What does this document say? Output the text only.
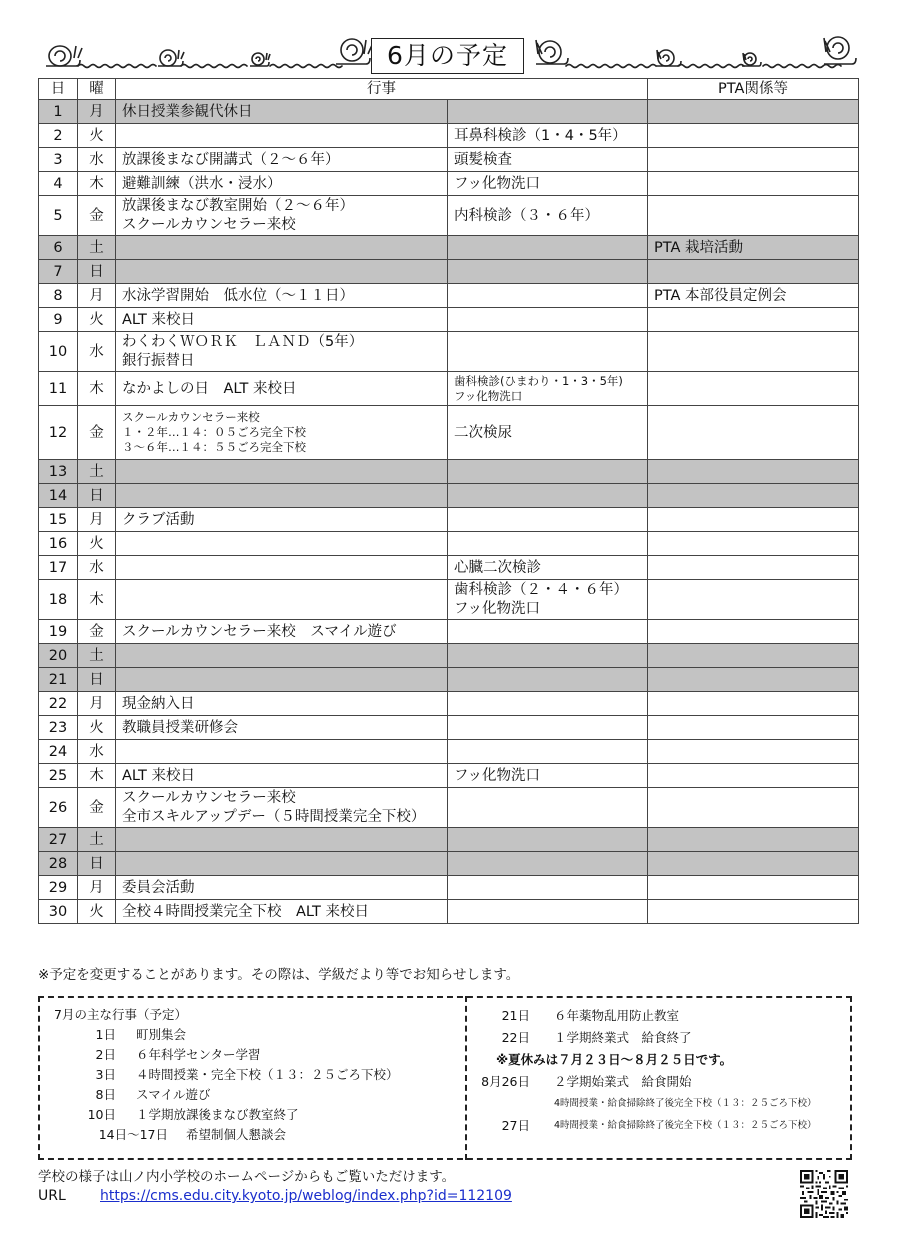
6月の予定
日	曜	行事		PTA関係等
1	月	休日授業参観代休日		

2	火		耳鼻科検診（1・4・5年）	

3	水	放課後まなび開講式（２～６年）	頭髪検査	

4	木	避難訓練（洪水・浸水）	フッ化物洗口	

5	金	放課後まなび教室開始（２～６年）
スクールカウンセラー来校	内科検診（３・６年）	

6	土			PTA 栽培活動

7	日			
8	月	水泳学習開始　低水位（～１１日）		PTA 本部役員定例会

9	火	ALT 来校日		

10	水	わくわくＷＯＲＫ　ＬＡＮＤ（5年）
銀行振替日		

11	木	なかよしの日　ALT 来校日	歯科検診(ひまわり・1・3・5年)
フッ化物洗口	

12	金	スクールカウンセラー来校
１・２年…１４：０５ごろ完全下校
３～６年…１４：５５ごろ完全下校	二次検尿	

13	土			
14	日			
15	月	クラブ活動		

16	火			
17	水		心臓二次検診	

18	木		歯科検診（２・４・６年）
フッ化物洗口	

19	金	スクールカウンセラー来校　スマイル遊び		

20	土			
21	日			
22	月	現金納入日		

23	火	教職員授業研修会		

24	水			
25	木	ALT 来校日	フッ化物洗口	

26	金	スクールカウンセラー来校
全市スキルアップデー（５時間授業完全下校）		

27	土			
28	日			
29	月	委員会活動		

30	火	全校４時間授業完全下校　ALT 来校日		

※予定を変更することがあります。その際は、学級だより等でお知らせします。
7月の主な行事（予定）
1日 町別集会
2日 ６年科学センター学習
3日 ４時間授業・完全下校（１３：２５ごろ下校）
8日 スマイル遊び
10日 １学期放課後まなび教室終了
14日～17日 希望制個人懇談会
21日 ６年薬物乱用防止教室
22日 １学期終業式　給食終了
※夏休みは７月２３日～８月２５日です。
8月26日 ２学期始業式　給食開始
4時間授業・給食掃除終了後完全下校（１３：２５ごろ下校）
27日	4時間授業・給食掃除終了後完全下校（１３：２５ごろ下校）
学校の様子は山ノ内小学校のホームページからもご覧いただけます。
URL https://cms.edu.city.kyoto.jp/weblog/index.php?id=112109
